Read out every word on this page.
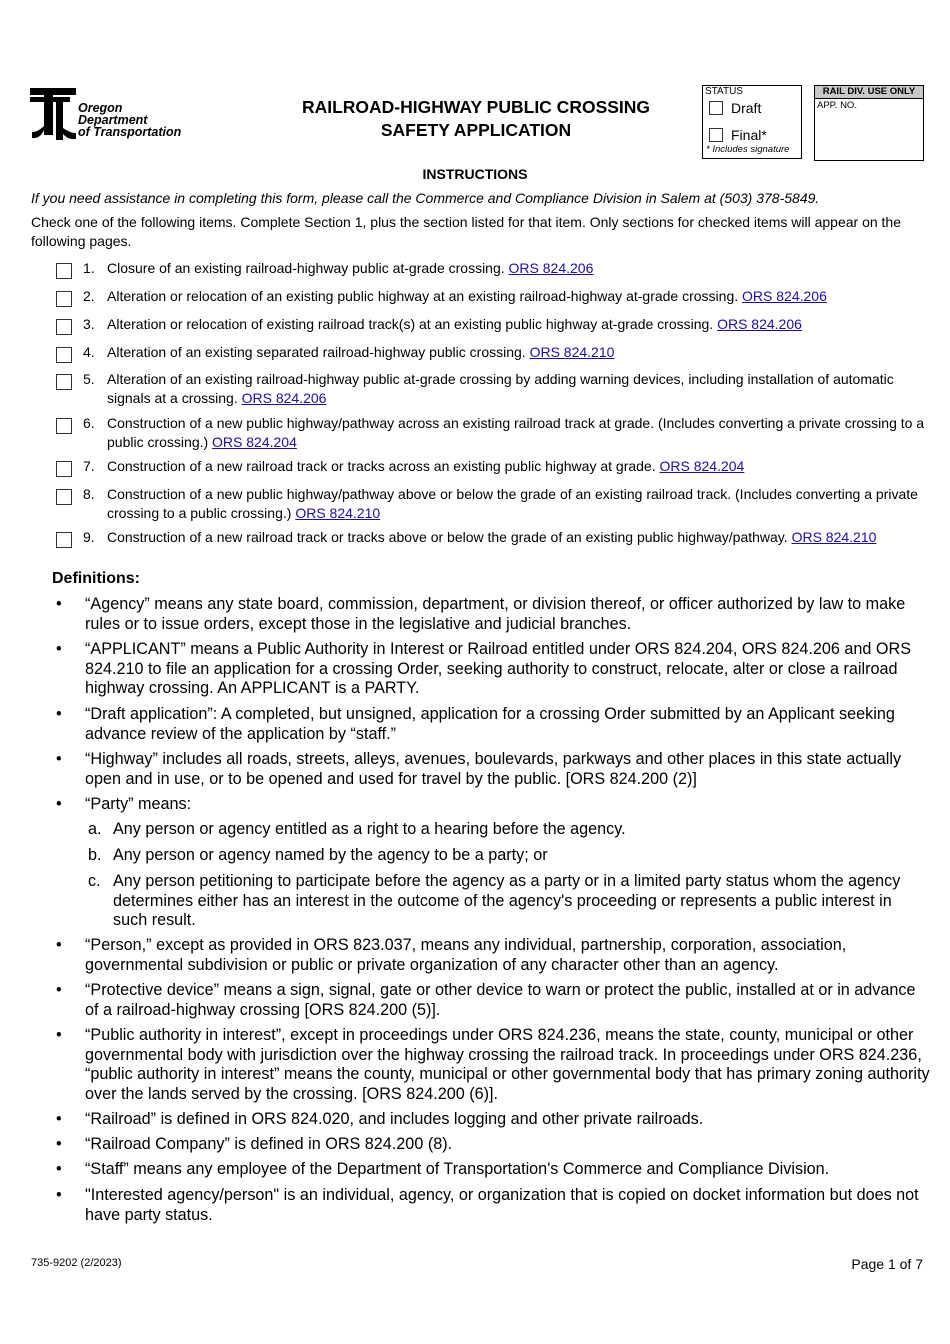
Oregon
Department
of Transportation
RAILROAD-HIGHWAY PUBLIC CROSSING
SAFETY APPLICATION
STATUS
Draft
Final*
* Includes signature
RAIL DIV. USE ONLY
APP. NO.
INSTRUCTIONS
If you need assistance in completing this form, please call the Commerce and Compliance Division in Salem at (503) 378-5849.
Check one of the following items. Complete Section 1, plus the section listed for that item. Only sections for checked items will appear on the following pages.
1. Closure of an existing railroad-highway public at-grade crossing. ORS 824.206
2. Alteration or relocation of an existing public highway at an existing railroad-highway at-grade crossing. ORS 824.206
3. Alteration or relocation of existing railroad track(s) at an existing public highway at-grade crossing. ORS 824.206
4. Alteration of an existing separated railroad-highway public crossing. ORS 824.210
5. Alteration of an existing railroad-highway public at-grade crossing by adding warning devices, including installation of automatic signals at a crossing. ORS 824.206
6. Construction of a new public highway/pathway across an existing railroad track at grade. (Includes converting a private crossing to a public crossing.) ORS 824.204
7. Construction of a new railroad track or tracks across an existing public highway at grade. ORS 824.204
8. Construction of a new public highway/pathway above or below the grade of an existing railroad track. (Includes converting a private crossing to a public crossing.) ORS 824.210
9. Construction of a new railroad track or tracks above or below the grade of an existing public highway/pathway. ORS 824.210
Definitions:
• “Agency” means any state board, commission, department, or division thereof, or officer authorized by law to make rules or to issue orders, except those in the legislative and judicial branches.
• “APPLICANT” means a Public Authority in Interest or Railroad entitled under ORS 824.204, ORS 824.206 and ORS 824.210 to file an application for a crossing Order, seeking authority to construct, relocate, alter or close a railroad highway crossing. An APPLICANT is a PARTY.
• “Draft application”: A completed, but unsigned, application for a crossing Order submitted by an Applicant seeking advance review of the application by “staff.”
• “Highway” includes all roads, streets, alleys, avenues, boulevards, parkways and other places in this state actually open and in use, or to be opened and used for travel by the public. [ORS 824.200 (2)]
• “Party” means:
• “Person,” except as provided in ORS 823.037, means any individual, partnership, corporation, association, governmental subdivision or public or private organization of any character other than an agency.
• “Protective device” means a sign, signal, gate or other device to warn or protect the public, installed at or in advance of a railroad-highway crossing [ORS 824.200 (5)].
• “Public authority in interest”, except in proceedings under ORS 824.236, means the state, county, municipal or other governmental body with jurisdiction over the highway crossing the railroad track. In proceedings under ORS 824.236, “public authority in interest” means the county, municipal or other governmental body that has primary zoning authority over the lands served by the crossing. [ORS 824.200 (6)].
• “Railroad” is defined in ORS 824.020, and includes logging and other private railroads.
• “Railroad Company” is defined in ORS 824.200 (8).
• “Staff” means any employee of the Department of Transportation's Commerce and Compliance Division.
• "Interested agency/person" is an individual, agency, or organization that is copied on docket information but does not have party status.
a. Any person or agency entitled as a right to a hearing before the agency.
b. Any person or agency named by the agency to be a party; or
c. Any person petitioning to participate before the agency as a party or in a limited party status whom the agency determines either has an interest in the outcome of the agency's proceeding or represents a public interest in such result.
735-9202 (2/2023)	Page 1 of 7
